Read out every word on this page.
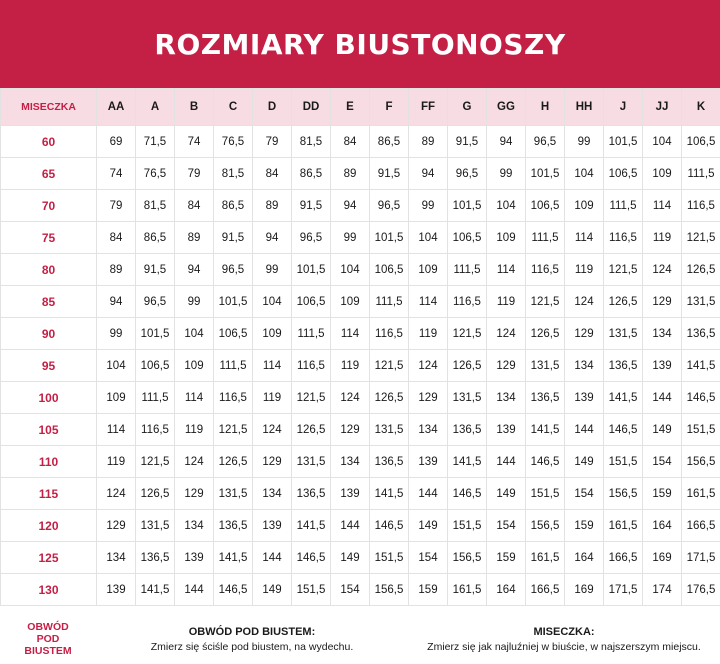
ROZMIARY BIUSTONOSZY
MISECZKA	AA	A	B	C	D	DD	E	F	FF	G	GG	H	HH	J	JJ	K
60	69	71,5	74	76,5	79	81,5	84	86,5	89	91,5	94	96,5	99	101,5	104	106,5
65	74	76,5	79	81,5	84	86,5	89	91,5	94	96,5	99	101,5	104	106,5	109	111,5
70	79	81,5	84	86,5	89	91,5	94	96,5	99	101,5	104	106,5	109	111,5	114	116,5
75	84	86,5	89	91,5	94	96,5	99	101,5	104	106,5	109	111,5	114	116,5	119	121,5
80	89	91,5	94	96,5	99	101,5	104	106,5	109	111,5	114	116,5	119	121,5	124	126,5
85	94	96,5	99	101,5	104	106,5	109	111,5	114	116,5	119	121,5	124	126,5	129	131,5
90	99	101,5	104	106,5	109	111,5	114	116,5	119	121,5	124	126,5	129	131,5	134	136,5
95	104	106,5	109	111,5	114	116,5	119	121,5	124	126,5	129	131,5	134	136,5	139	141,5
100	109	111,5	114	116,5	119	121,5	124	126,5	129	131,5	134	136,5	139	141,5	144	146,5
105	114	116,5	119	121,5	124	126,5	129	131,5	134	136,5	139	141,5	144	146,5	149	151,5
110	119	121,5	124	126,5	129	131,5	134	136,5	139	141,5	144	146,5	149	151,5	154	156,5
115	124	126,5	129	131,5	134	136,5	139	141,5	144	146,5	149	151,5	154	156,5	159	161,5
120	129	131,5	134	136,5	139	141,5	144	146,5	149	151,5	154	156,5	159	161,5	164	166,5
125	134	136,5	139	141,5	144	146,5	149	151,5	154	156,5	159	161,5	164	166,5	169	171,5
130	139	141,5	144	146,5	149	151,5	154	156,5	159	161,5	164	166,5	169	171,5	174	176,5
OBWÓD
POD
BIUSTEM
OBWÓD POD BIUSTEM:
Zmierz się ściśle pod biustem, na wydechu.
MISECZKA:
Zmierz się jak najluźniej w biuście, w najszerszym miejscu.
